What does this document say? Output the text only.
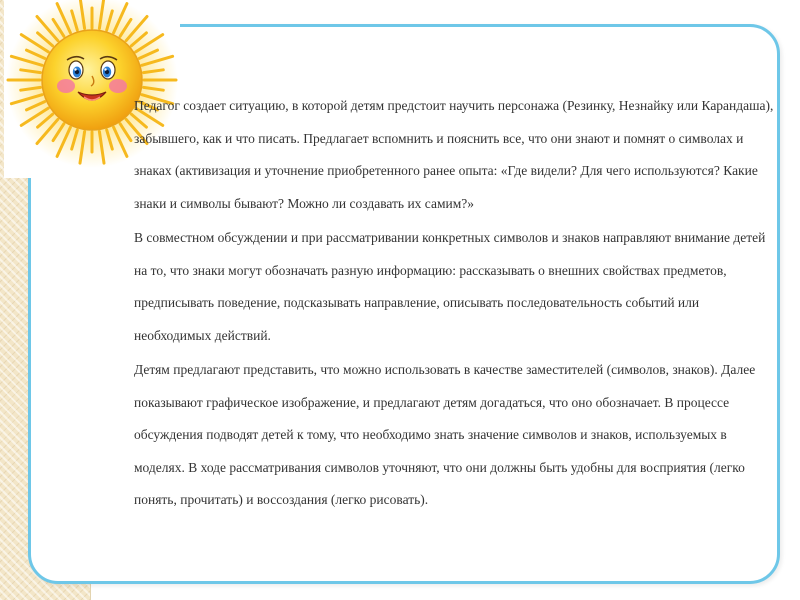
Педагог создает ситуацию, в которой детям предстоит научить персонажа (Резинку, Незнайку или Карандаша), забывшего, как и что писать. Предлагает вспомнить и пояснить все, что они знают и помнят о символах и знаках (активизация и уточнение приобретенного ранее опыта: «Где видели? Для чего используются? Какие знаки и символы бывают? Можно ли создавать их самим?»

В совместном обсуждении и при рассматривании конкретных символов и знаков направляют внимание детей на то, что знаки могут обозначать разную информацию: рассказывать о внешних свойствах предметов, предписывать поведение, подсказывать направление, описывать последовательность событий или необходимых действий.

Детям предлагают представить, что можно использовать в качестве заместителей (символов, знаков). Далее показывают графическое изображение, и предлагают детям догадаться, что оно обозначает. В процессе обсуждения подводят детей к тому, что необходимо знать значение символов и знаков, используемых в моделях. В ходе рассматривания символов уточняют, что они должны быть удобны для восприятия (легко понять, прочитать) и воссоздания (легко рисовать).
